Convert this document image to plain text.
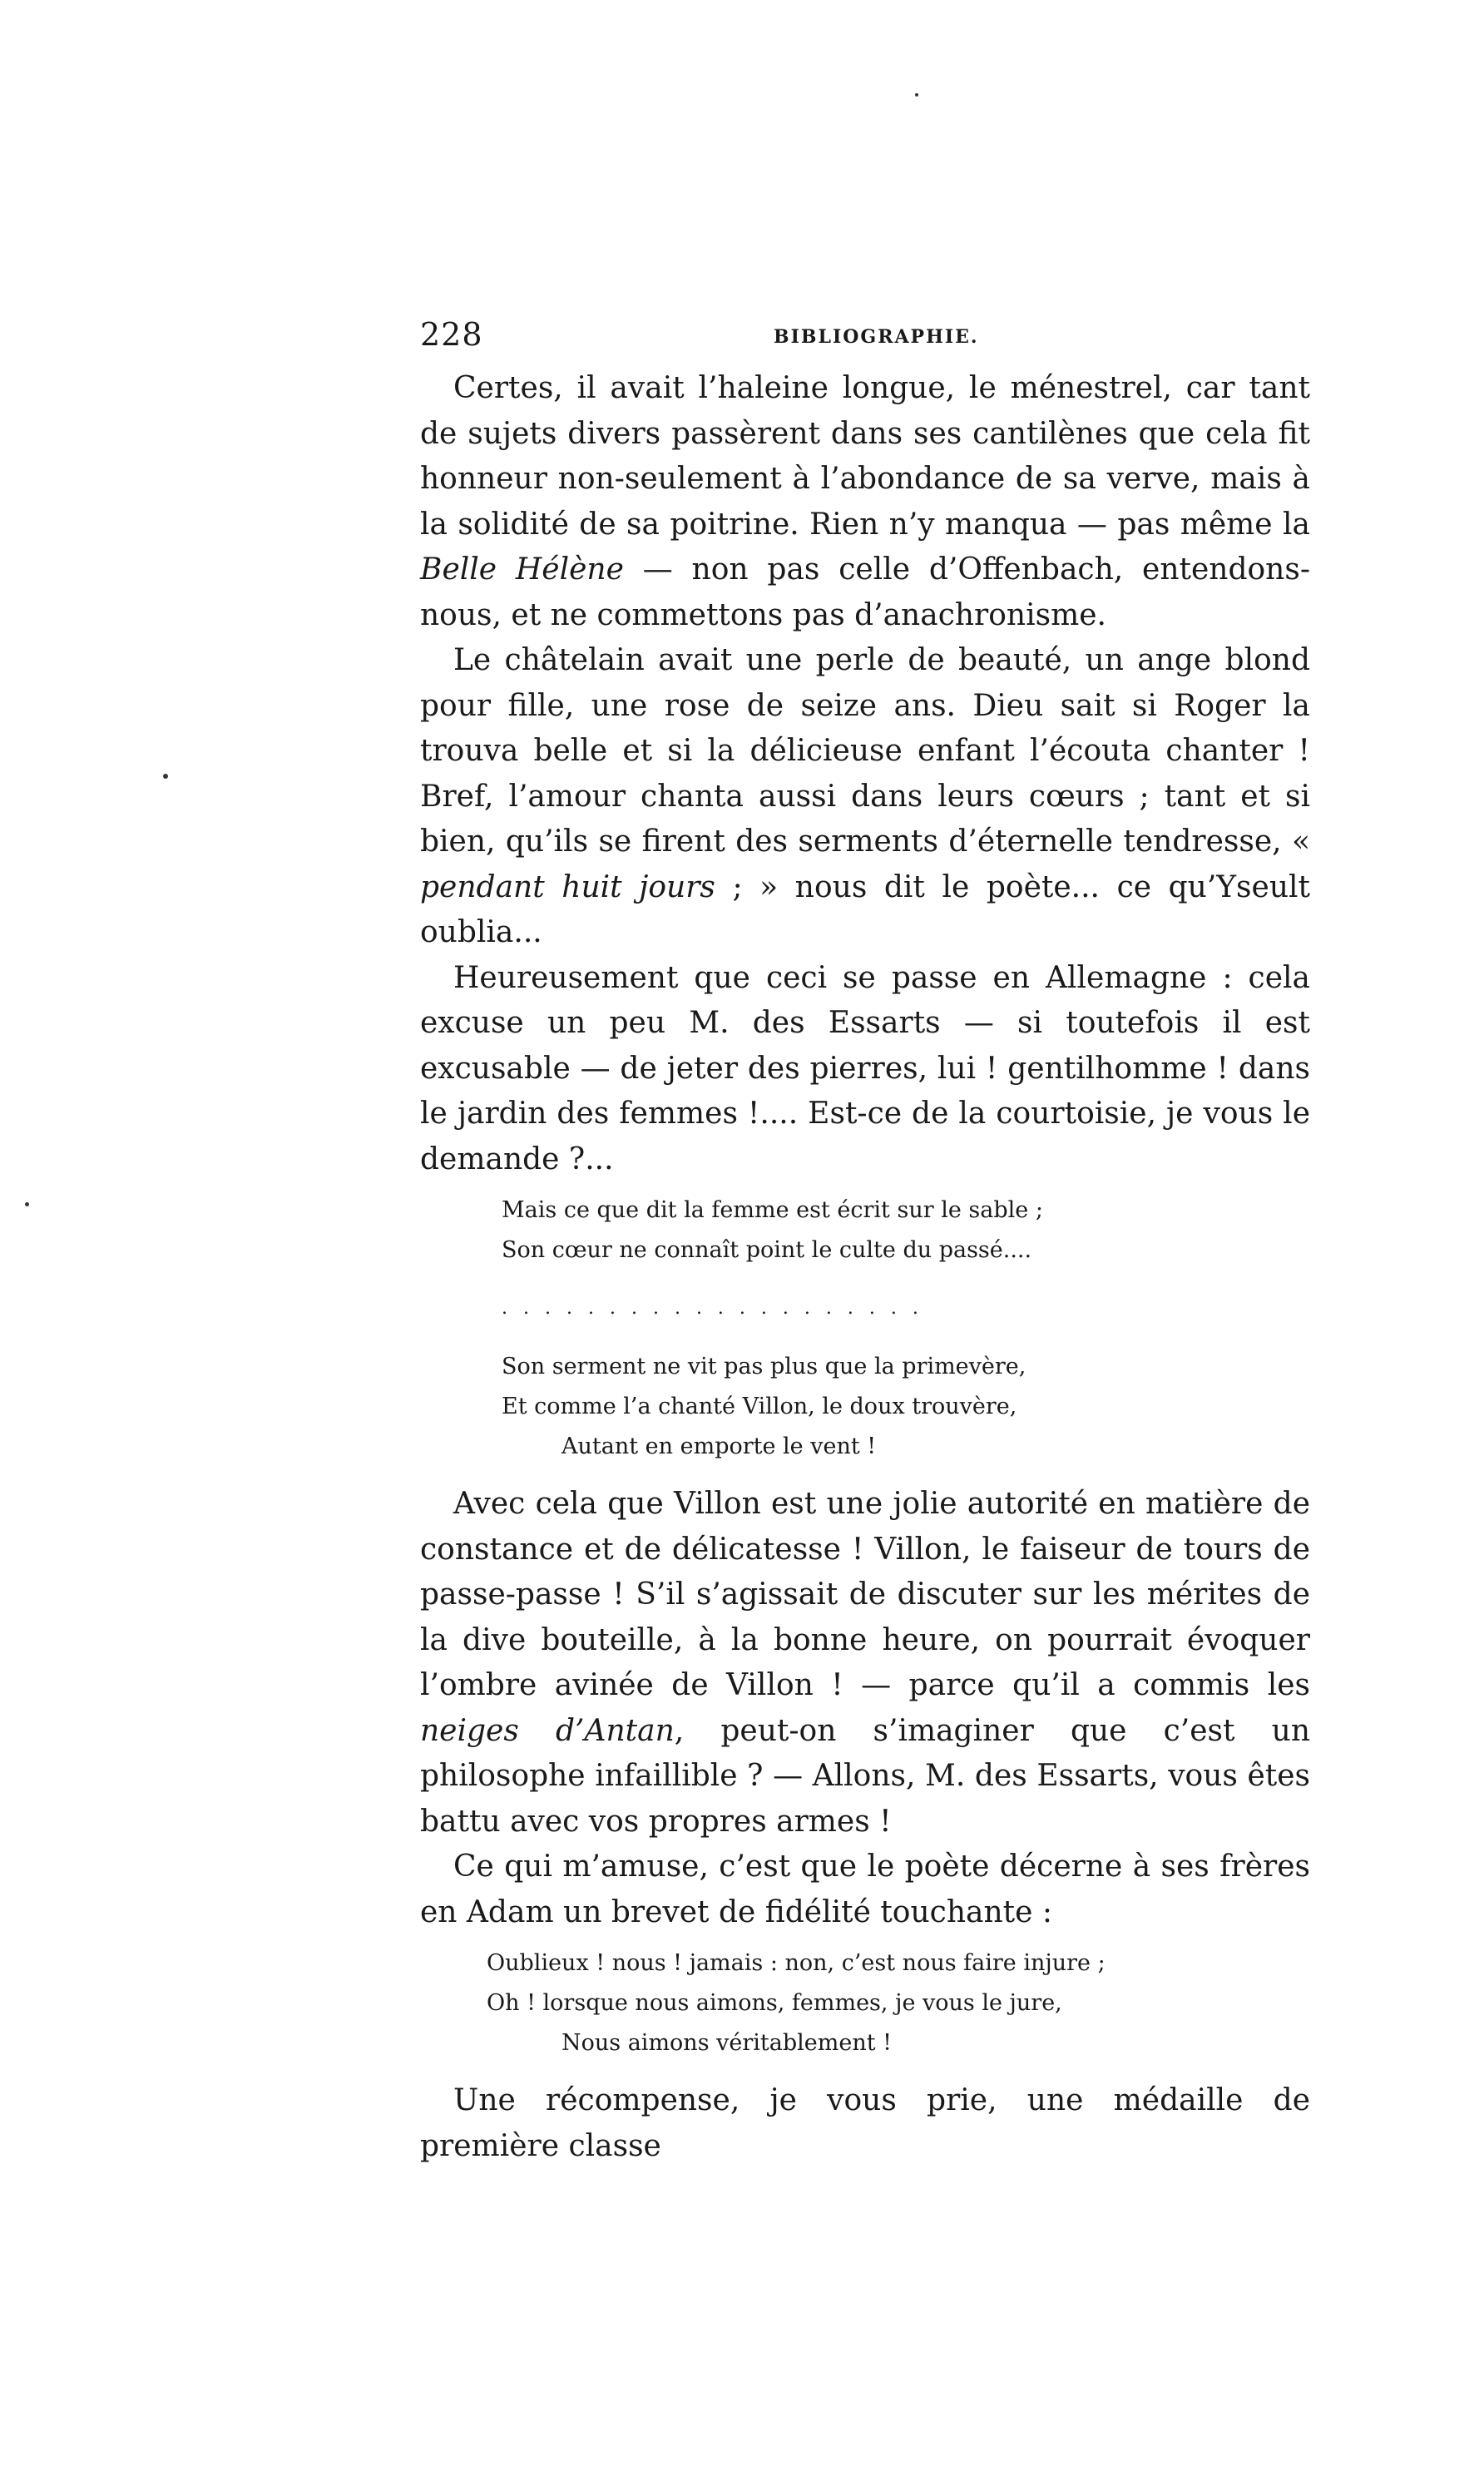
228	BIBLIOGRAPHIE.

Certes, il avait l’haleine longue, le ménestrel, car tant de sujets divers passèrent dans ses cantilènes que cela fit honneur non-seulement à l’abondance de sa verve, mais à la solidité de sa poitrine. Rien n’y manqua — pas même la Belle Hélène — non pas celle d’Offenbach, entendons-nous, et ne commettons pas d’anachronisme.

Le châtelain avait une perle de beauté, un ange blond pour fille, une rose de seize ans. Dieu sait si Roger la trouva belle et si la délicieuse enfant l’écouta chanter ! Bref, l’amour chanta aussi dans leurs cœurs ; tant et si bien, qu’ils se firent des serments d’éternelle tendresse, « pendant huit jours ; » nous dit le poète... ce qu’Yseult oublia...

Heureusement que ceci se passe en Allemagne : cela excuse un peu M. des Essarts — si toutefois il est excusable — de jeter des pierres, lui ! gentilhomme ! dans le jardin des femmes !.... Est-ce de la courtoisie, je vous le demande ?...

Mais ce que dit la femme est écrit sur le sable ;

Son cœur ne connaît point le culte du passé....

....................

Son serment ne vit pas plus que la primevère,

Et comme l’a chanté Villon, le doux trouvère,

Autant en emporte le vent !

Avec cela que Villon est une jolie autorité en matière de constance et de délicatesse ! Villon, le faiseur de tours de passe-passe ! S’il s’agissait de discuter sur les mérites de la dive bouteille, à la bonne heure, on pourrait évoquer l’ombre avinée de Villon ! — parce qu’il a commis les neiges d’Antan, peut-on s’imaginer que c’est un philosophe infaillible ? — Allons, M. des Essarts, vous êtes battu avec vos propres armes !

Ce qui m’amuse, c’est que le poète décerne à ses frères en Adam un brevet de fidélité touchante :

Oublieux ! nous ! jamais : non, c’est nous faire injure ;

Oh ! lorsque nous aimons, femmes, je vous le jure,

Nous aimons véritablement !

Une récompense, je vous prie, une médaille de première classe
